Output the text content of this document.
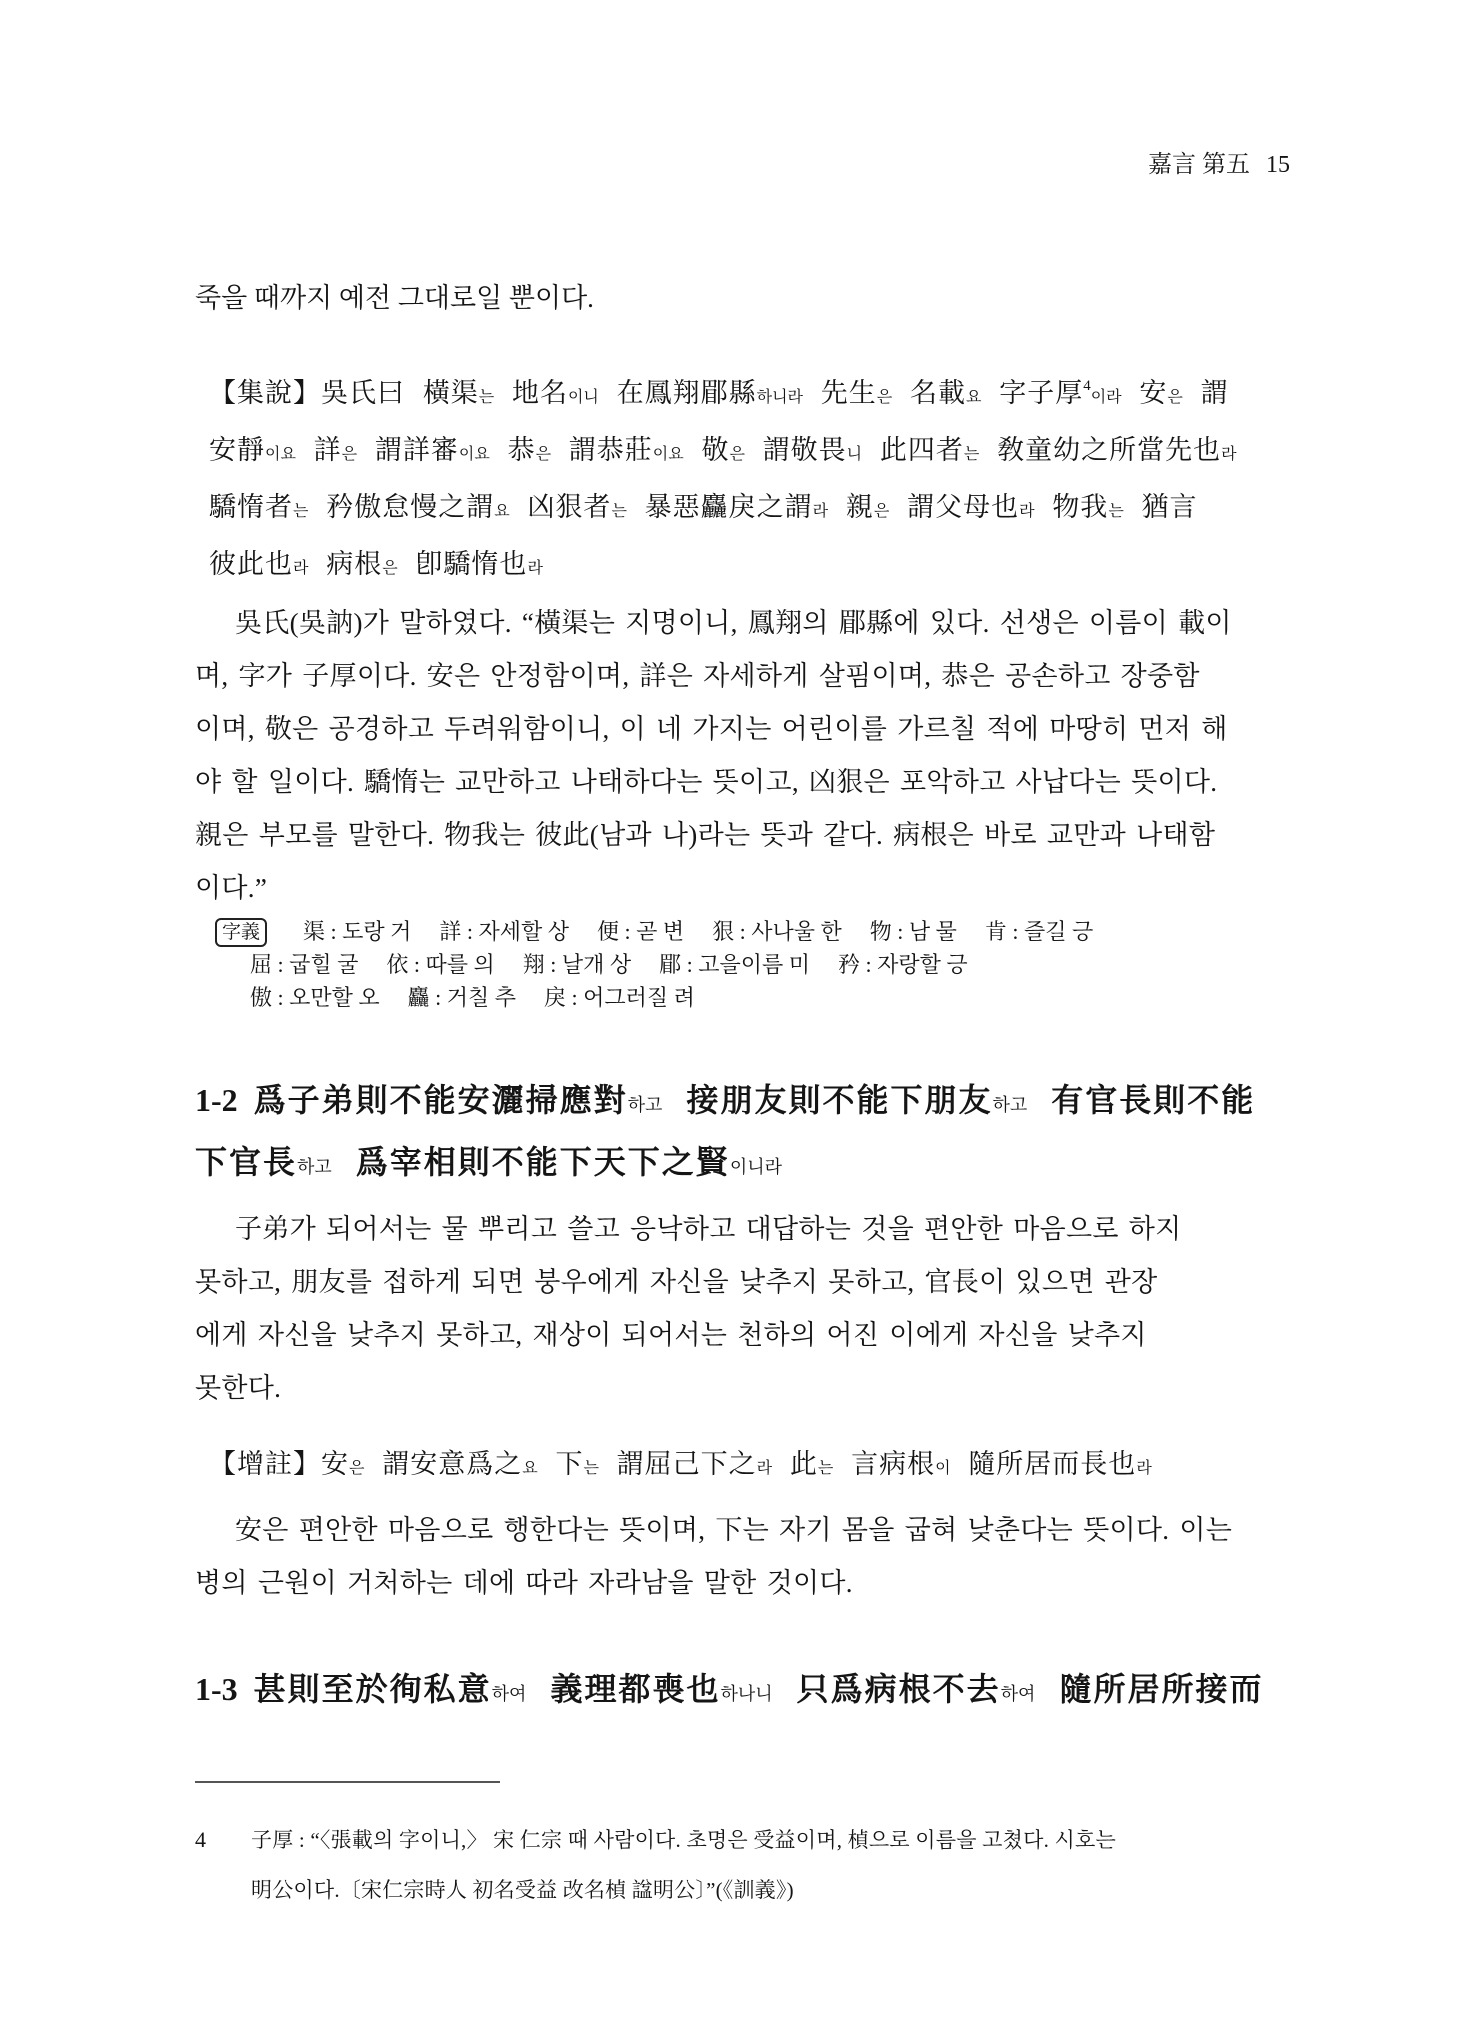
嘉言 第五 15

죽을 때까지 예전 그대로일 뿐이다.

【集說】吳氏曰 橫渠는 地名이니 在鳳翔郿縣하니라 先生은 名載요 字子厚$^4$이라 安은 謂
安靜이요 詳은 謂詳審이요 恭은 謂恭莊이요 敬은 謂敬畏니 此四者는 敎童幼之所當先也라
驕惰者는 矜傲怠慢之謂요 凶狠者는 暴惡麤戾之謂라 親은 謂父母也라 物我는 猶言
彼此也라 病根은 卽驕惰也라
吳氏(吳訥)가 말하였다. “橫渠는 지명이니, 鳳翔의 郿縣에 있다. 선생은 이름이 載이
며, 字가 子厚이다. 安은 안정함이며, 詳은 자세하게 살핌이며, 恭은 공손하고 장중함
이며, 敬은 공경하고 두려워함이니, 이 네 가지는 어린이를 가르칠 적에 마땅히 먼저 해
야 할 일이다. 驕惰는 교만하고 나태하다는 뜻이고, 凶狠은 포악하고 사납다는 뜻이다.
親은 부모를 말한다. 物我는 彼此(남과 나)라는 뜻과 같다. 病根은 바로 교만과 나태함
이다.”
字義	渠 : 도랑 거 詳 : 자세할 상 便 : 곧 변 狠 : 사나울 한 物 : 남 물 肯 : 즐길 긍
屈 : 굽힐 굴 依 : 따를 의 翔 : 날개 상 郿 : 고을이름 미 矜 : 자랑할 긍
傲 : 오만할 오 麤 : 거칠 추 戾 : 어그러질 려
1-2 爲子弟則不能安灑掃應對하고 接朋友則不能下朋友하고 有官長則不能
下官長하고 爲宰相則不能下天下之賢이니라
子弟가 되어서는 물 뿌리고 쓸고 응낙하고 대답하는 것을 편안한 마음으로 하지
못하고, 朋友를 접하게 되면 붕우에게 자신을 낮추지 못하고, 官長이 있으면 관장
에게 자신을 낮추지 못하고, 재상이 되어서는 천하의 어진 이에게 자신을 낮추지
못한다.
【增註】安은 謂安意爲之요 下는 謂屈己下之라 此는 言病根이 隨所居而長也라
安은 편안한 마음으로 행한다는 뜻이며, 下는 자기 몸을 굽혀 낮춘다는 뜻이다. 이는
병의 근원이 거처하는 데에 따라 자라남을 말한 것이다.
1-3 甚則至於徇私意하여 義理都喪也하나니 只爲病根不去하여 隨所居所接而
4	子厚 : “〈張載의 字이니,〉 宋 仁宗 때 사람이다. 초명은 受益이며, 楨으로 이름을 고쳤다. 시호는
明公이다.〔宋仁宗時人 初名受益 改名楨 諡明公〕”(《訓義》)
